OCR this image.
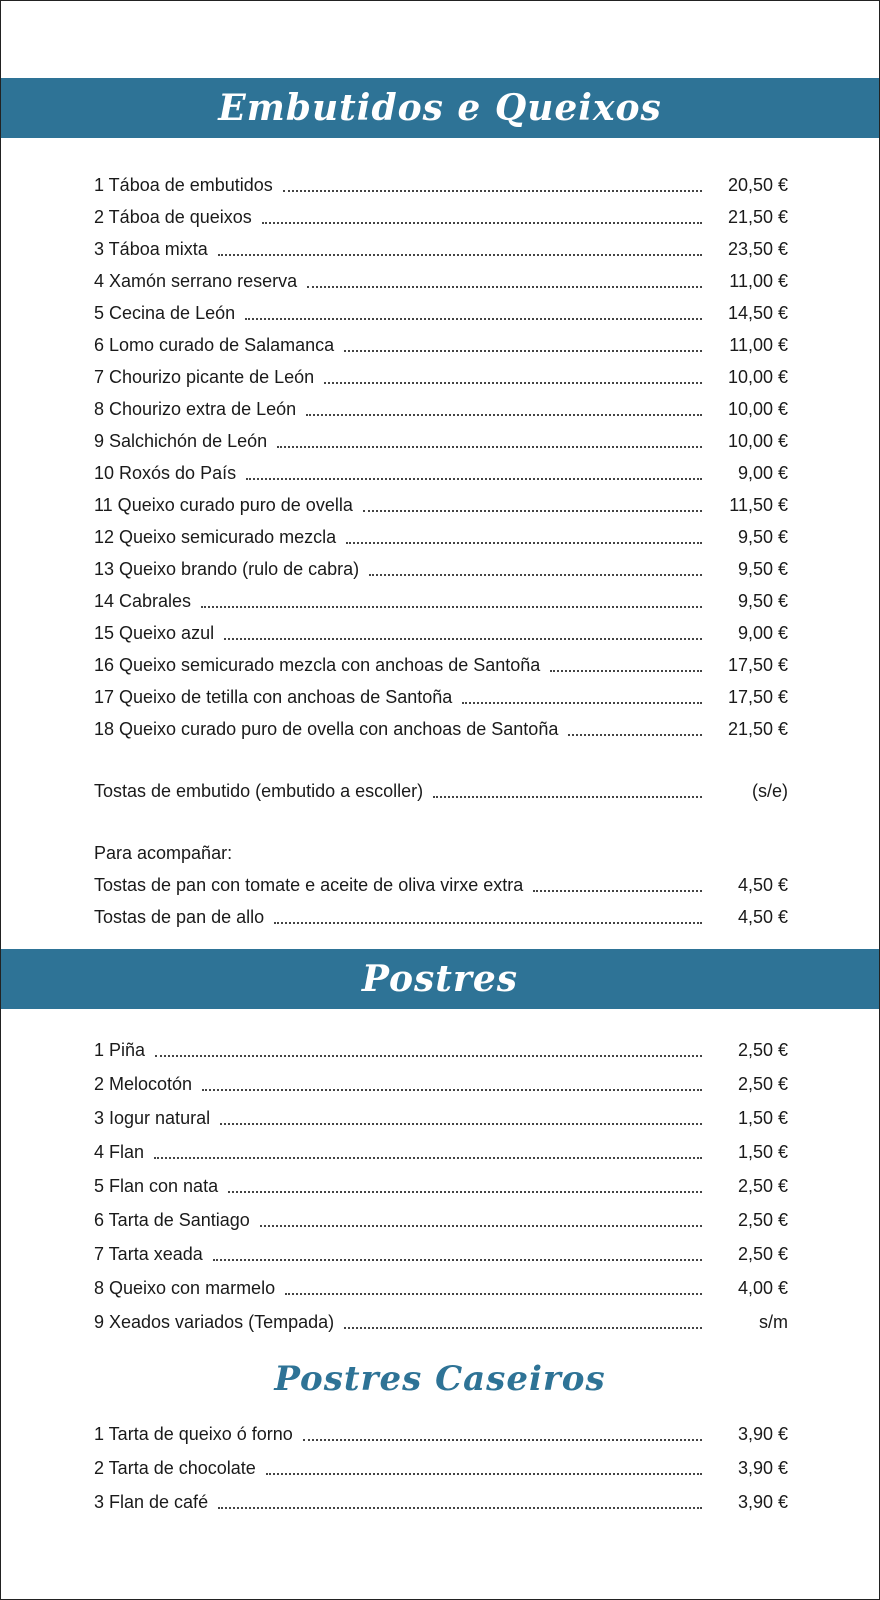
Embutidos e Queixos
1 Táboa de embutidos	20,50 €
2 Táboa de queixos	21,50 €
3 Táboa mixta	23,50 €
4 Xamón serrano reserva	11,00 €
5 Cecina de León	14,50 €
6 Lomo curado de Salamanca	11,00 €
7 Chourizo picante de León	10,00 €
8 Chourizo extra de León	10,00 €
9 Salchichón de León	10,00 €
10 Roxós do País	9,00 €
11 Queixo curado puro de ovella	11,50 €
12 Queixo semicurado mezcla	9,50 €
13 Queixo brando (rulo de cabra)	9,50 €
14 Cabrales	9,50 €
15 Queixo azul	9,00 €
16 Queixo semicurado mezcla con anchoas de Santoña	17,50 €
17 Queixo de tetilla con anchoas de Santoña	17,50 €
18 Queixo curado puro de ovella con anchoas de Santoña	21,50 €
Tostas de embutido (embutido a escoller)	(s/e)
Para acompañar:
Tostas de pan con tomate e aceite de oliva virxe extra	4,50 €
Tostas de pan de allo	4,50 €
Postres
1 Piña	2,50 €
2 Melocotón	2,50 €
3 Iogur natural	1,50 €
4 Flan	1,50 €
5 Flan con nata	2,50 €
6 Tarta de Santiago	2,50 €
7 Tarta xeada	2,50 €
8 Queixo con marmelo	4,00 €
9 Xeados variados (Tempada)	s/m
Postres Caseiros
1 Tarta de queixo ó forno	3,90 €
2 Tarta de chocolate	3,90 €
3 Flan de café	3,90 €
